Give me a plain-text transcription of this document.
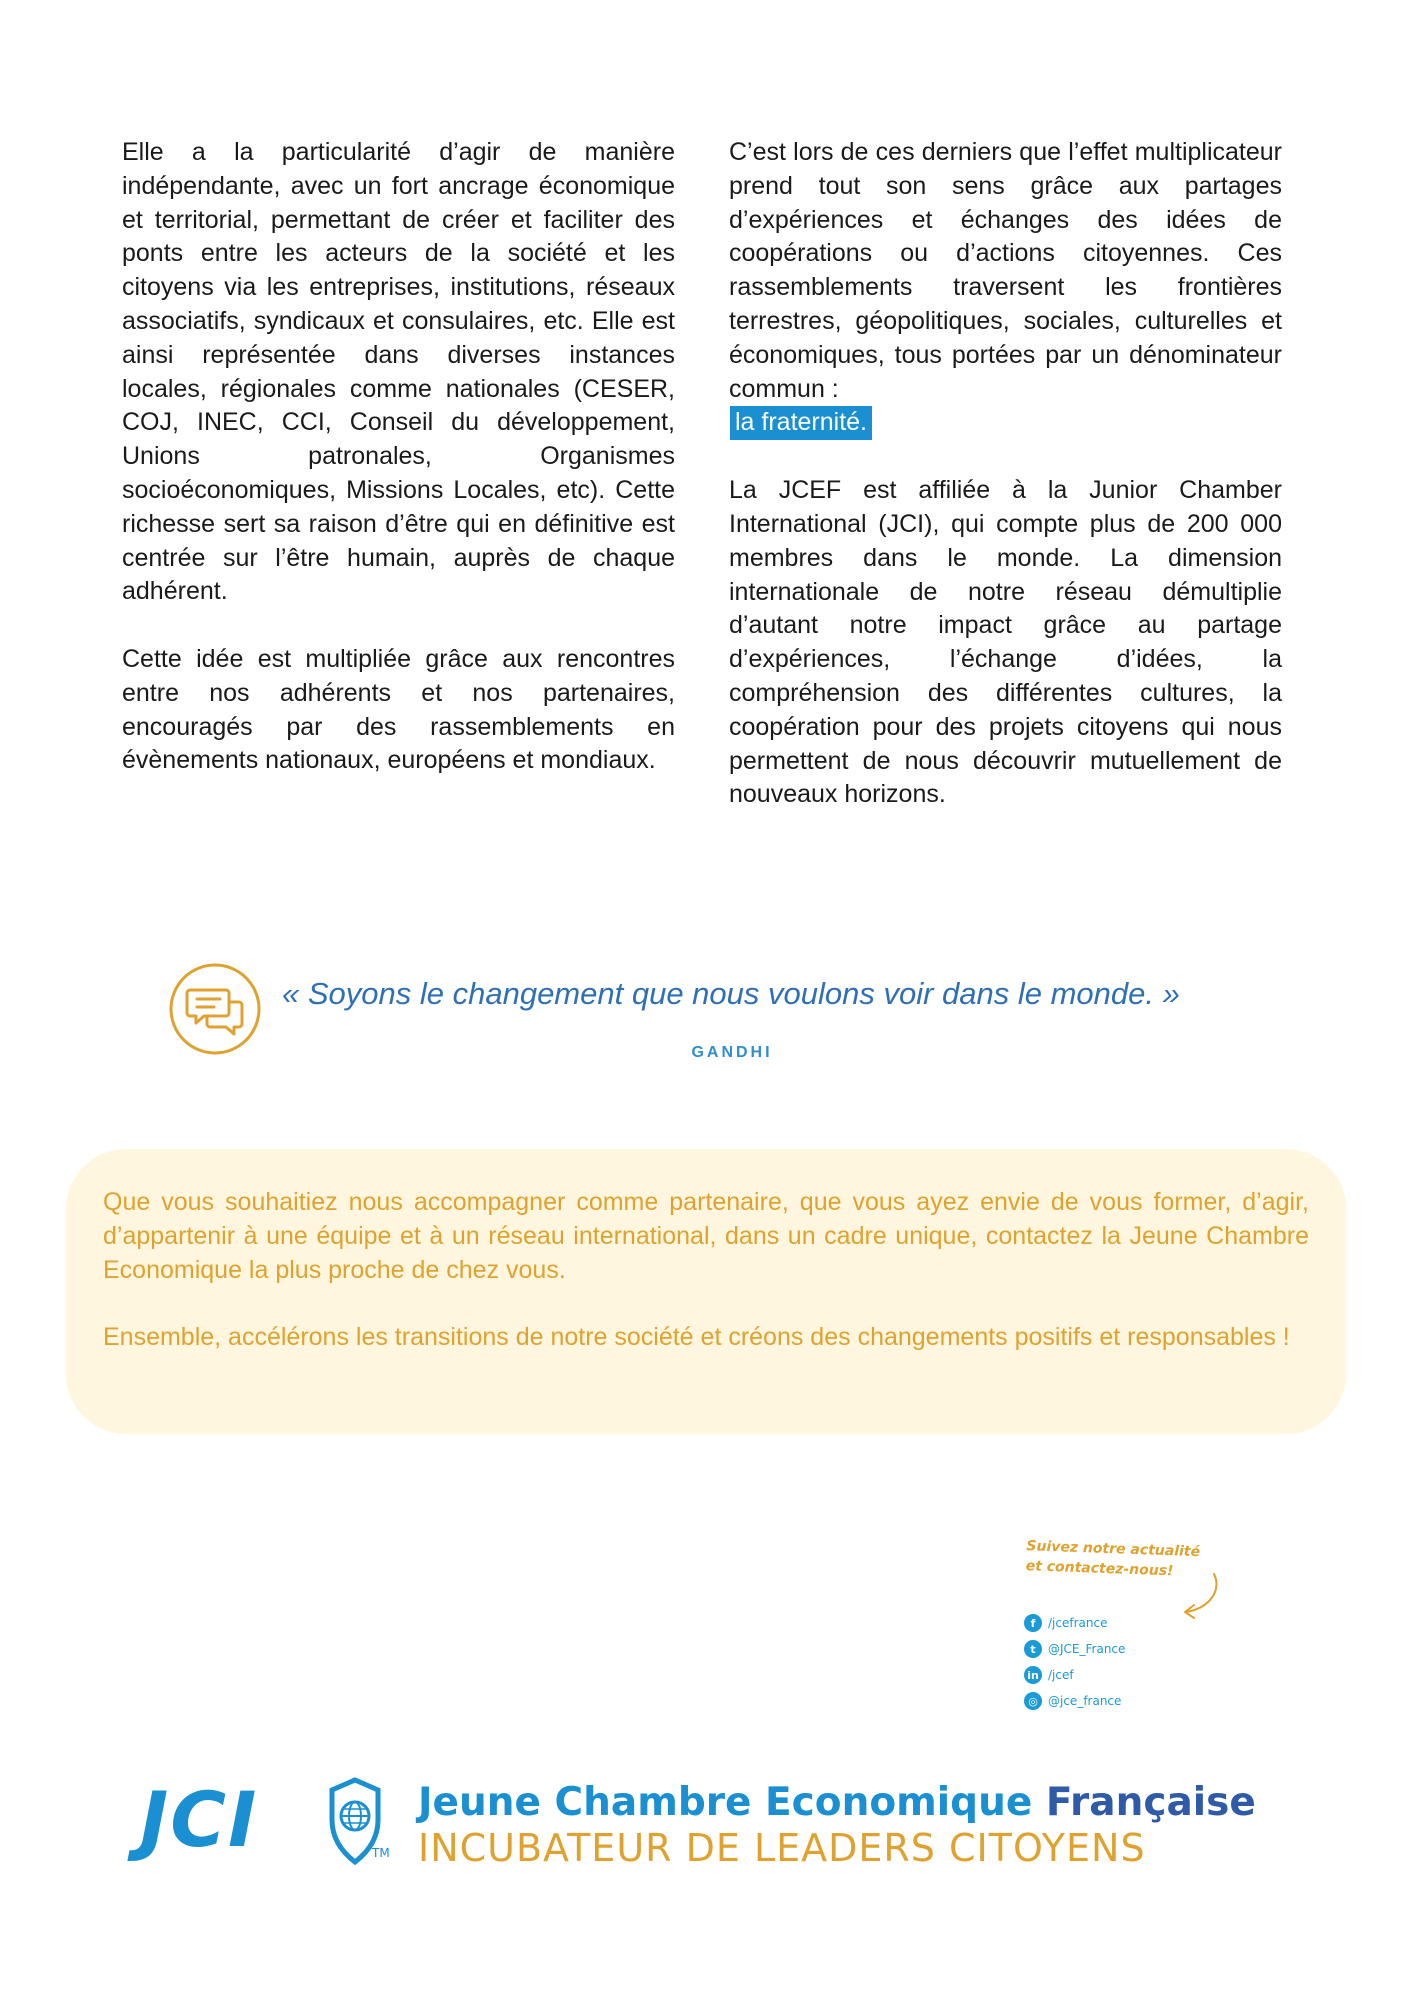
Elle a la particularité d’agir de manière indépendante, avec un fort ancrage économique et territorial, permettant de créer et faciliter des ponts entre les acteurs de la société et les citoyens via les entreprises, institutions, réseaux associatifs, syndicaux et consulaires, etc. Elle est ainsi représentée dans diverses instances locales, régionales comme nationales (CESER, COJ, INEC, CCI, Conseil du développement, Unions patronales, Organismes socioéconomiques, Missions Locales, etc). Cette richesse sert sa raison d’être qui en définitive est centrée sur l’être humain, auprès de chaque adhérent.

Cette idée est multipliée grâce aux rencontres entre nos adhérents et nos partenaires, encouragés par des rassemblements en évènements nationaux, européens et mondiaux.

C’est lors de ces derniers que l’effet multiplicateur prend tout son sens grâce aux partages d’expériences et échanges des idées de coopérations ou d’actions citoyennes. Ces rassemblements traversent les frontières terrestres, géopolitiques, sociales, culturelles et économiques, tous portées par un dénominateur commun :
la fraternité.

La JCEF est affiliée à la Junior Chamber International (JCI), qui compte plus de 200 000 membres dans le monde. La dimension internationale de notre réseau démultiplie d’autant notre impact grâce au partage d’expériences, l’échange d’idées, la compréhension des différentes cultures, la coopération pour des projets citoyens qui nous permettent de nous découvrir mutuellement de nouveaux horizons.

« Soyons le changement que nous voulons voir dans le monde. »
GANDHI

Que vous souhaitiez nous accompagner comme partenaire, que vous ayez envie de vous former, d’agir, d’appartenir à une équipe et à un réseau international, dans un cadre unique, contactez la Jeune Chambre Economique la plus proche de chez vous.

Ensemble, accélérons les transitions de notre société et créons des changements positifs et responsables !

Suivez notre actualité
et contactez-nous!
f	/jcefrance
t	@JCE_France
in /jcef
◎ @jce_france
JCI	TM
Jeune Chambre Economique Française
INCUBATEUR DE LEADERS CITOYENS
